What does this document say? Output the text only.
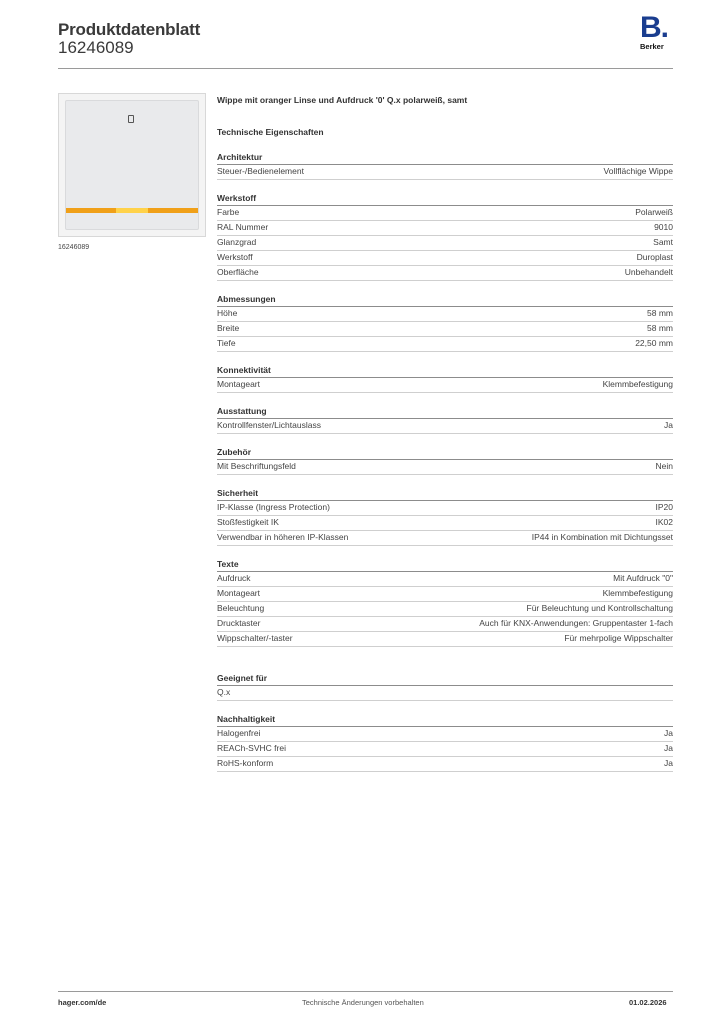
Produktdatenblatt
16246089
B.
Berker
16246089
Wippe mit oranger Linse und Aufdruck '0' Q.x polarweiß, samt
Technische Eigenschaften
Architektur
Steuer-/Bedienelement	Vollflächige Wippe
Werkstoff
Farbe	Polarweiß
RAL Nummer	9010
Glanzgrad	Samt
Werkstoff	Duroplast
Oberfläche	Unbehandelt
Abmessungen
Höhe	58 mm
Breite	58 mm
Tiefe	22,50 mm
Konnektivität
Montageart	Klemmbefestigung
Ausstattung
Kontrollfenster/Lichtauslass	Ja
Zubehör
Mit Beschriftungsfeld	Nein
Sicherheit
IP-Klasse (Ingress Protection)	IP20
Stoßfestigkeit IK	IK02
Verwendbar in höheren IP-Klassen	IP44 in Kombination mit Dichtungsset
Texte
Aufdruck	Mit Aufdruck "0"
Montageart	Klemmbefestigung
Beleuchtung	Für Beleuchtung und Kontrollschaltung
Drucktaster	Auch für KNX-Anwendungen: Gruppentaster 1-fach
Wippschalter/-taster	Für mehrpolige Wippschalter
Geeignet für
Q.x
Nachhaltigkeit
Halogenfrei	Ja
REACh-SVHC frei	Ja
RoHS-konform	Ja
hager.com/de	Technische Änderungen vorbehalten	01.02.2026
